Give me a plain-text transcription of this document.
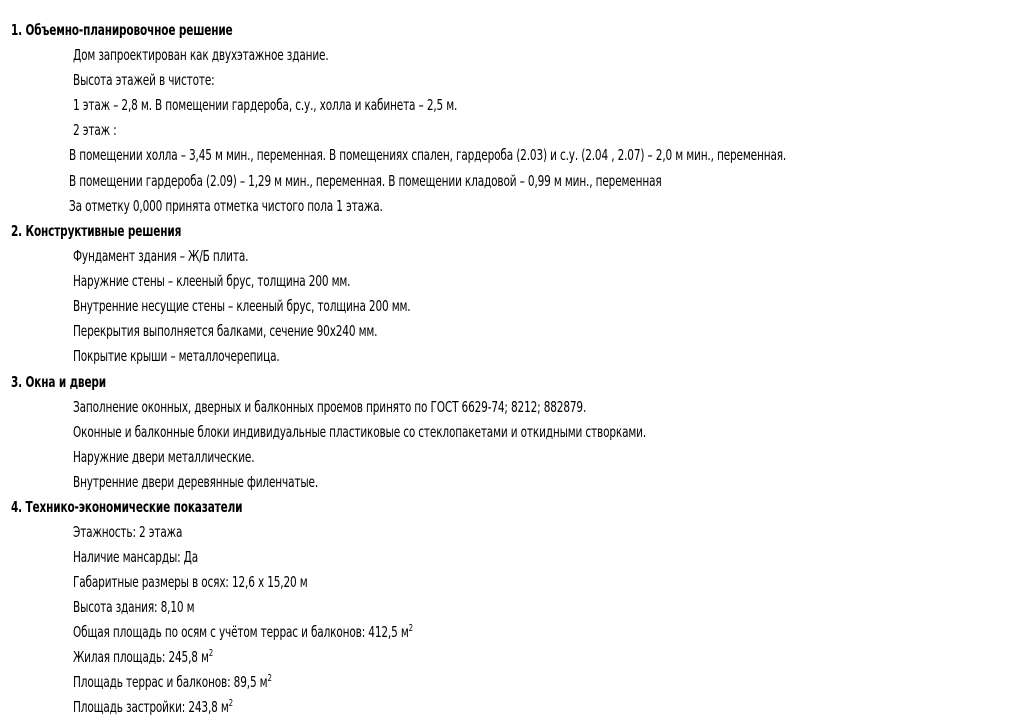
1. Объемно-планировочное решение
Дом запроектирован как двухэтажное здание.
Высота этажей в чистоте:
1 этаж – 2,8 м. В помещении гардероба, с.у., холла и кабинета – 2,5 м.
2 этаж :
В помещении холла – 3,45 м мин., переменная. В помещениях спален, гардероба (2.03) и с.у. (2.04 , 2.07) – 2,0 м мин., переменная.
В помещении гардероба (2.09) – 1,29 м мин., переменная. В помещении кладовой – 0,99 м мин., переменная
За отметку 0,000 принята отметка чистого пола 1 этажа.
2. Конструктивные решения
Фундамент здания – Ж/Б плита.
Наружние стены – клееный брус, толщина 200 мм.
Внутренние несущие стены – клееный брус, толщина 200 мм.
Перекрытия выполняется балками, сечение 90х240 мм.
Покрытие крыши – металлочерепица.
3. Окна и двери
Заполнение оконных, дверных и балконных проемов принято по ГОСТ 6629-74; 8212; 882879.
Оконные и балконные блоки индивидуальные пластиковые со стеклопакетами и откидными створками.
Наружние двери металлические.
Внутренние двери деревянные филенчатые.
4. Технико-экономические показатели
Этажность: 2 этажа
Наличие мансарды: Да
Габаритные размеры в осях: 12,6 х 15,20 м
Высота здания: 8,10 м
Общая площадь по осям с учётом террас и балконов: 412,5 $м^2$
Жилая площадь: 245,8 $м^2$
Площадь террас и балконов: 89,5 $м^2$
Площадь застройки: 243,8 $м^2$
